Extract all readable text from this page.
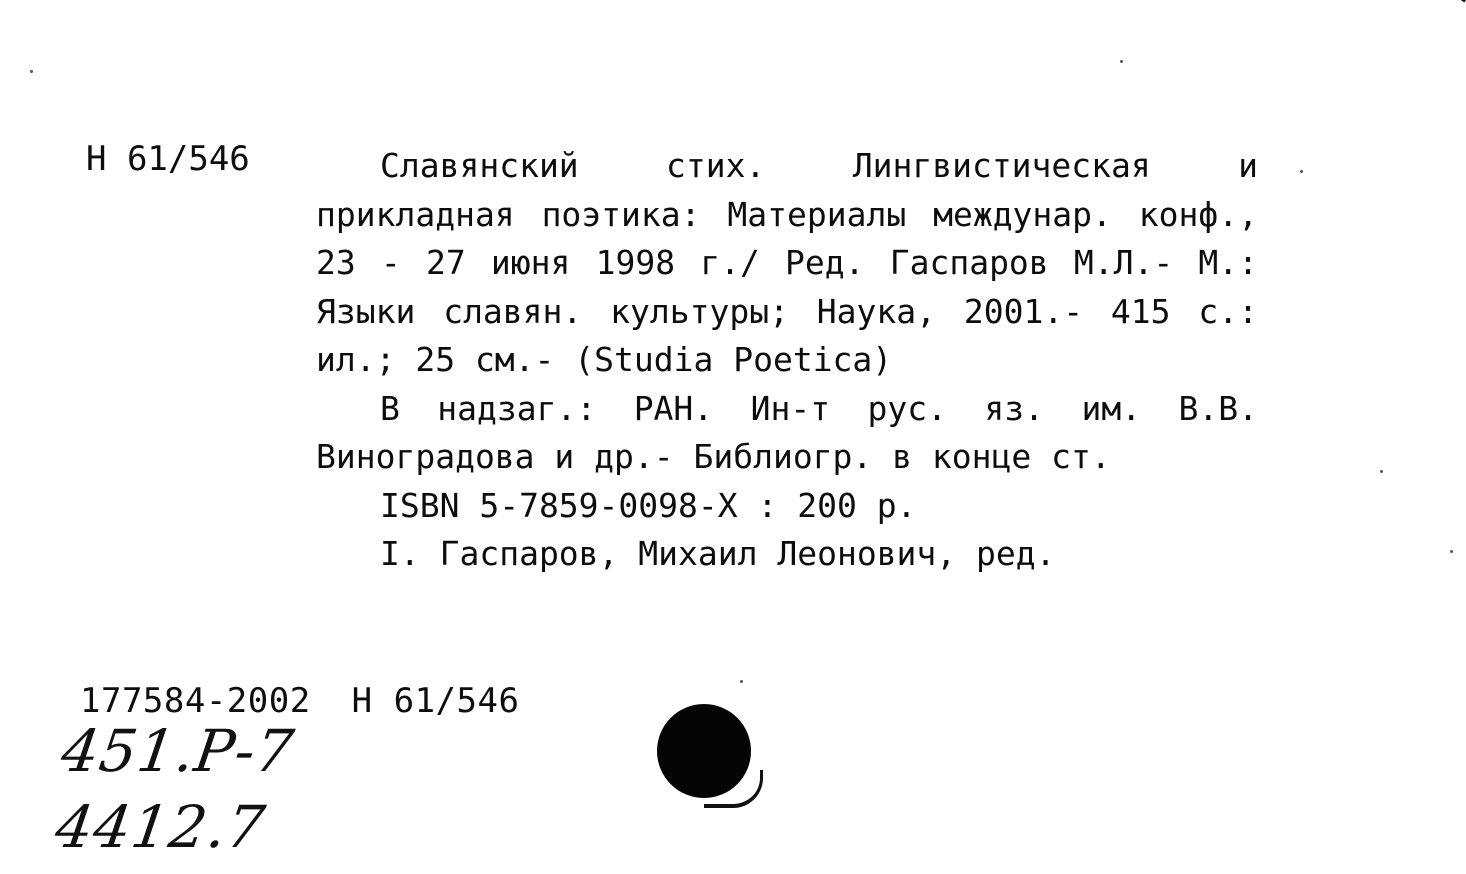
Н 61/546	Славянский стих. Лингвистическая и прикладная поэтика: Материалы междунар. конф., 23 - 27 июня 1998 г./ Ред. Гаспаров М.Л.- М.: Языки славян. культуры; Наука, 2001.- 415 с.: ил.; 25 см.- (Studia Poetica)

В надзаг.: РАН. Ин-т рус. яз. им. В.В. Виноградова и др.- Библиогр. в конце ст.

ISBN 5-7859-0098-X : 200 р.

I. Гаспаров, Михаил Леонович, ред.

177584-2002 Н 61/546
451.Р-7
4412.7
